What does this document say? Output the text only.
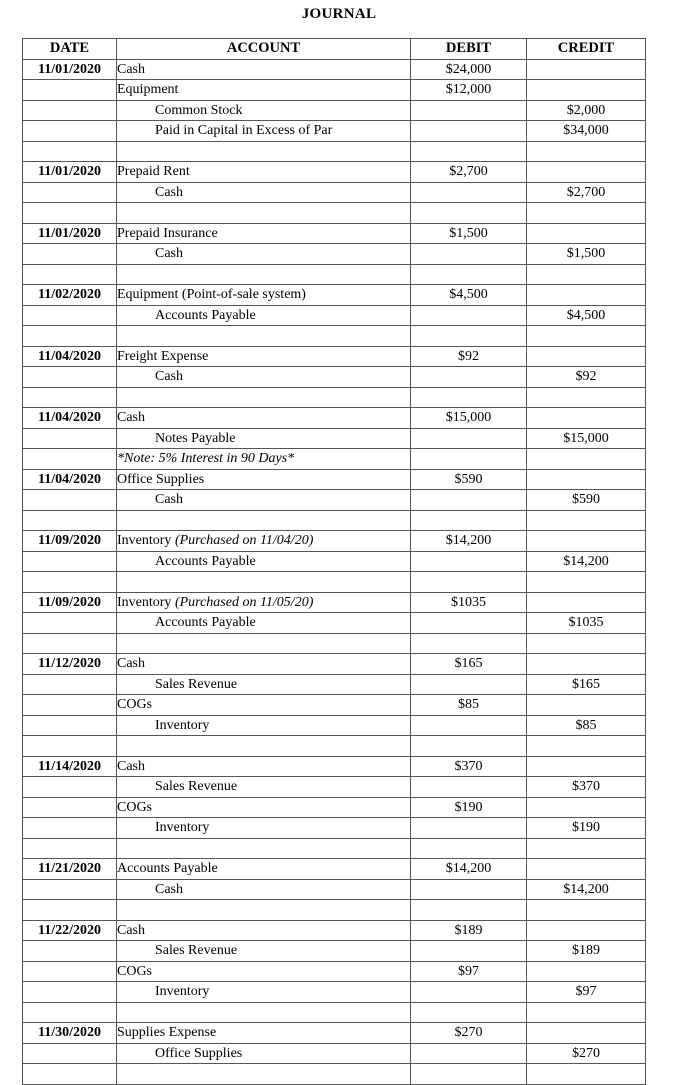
JOURNAL
DATE	ACCOUNT	DEBIT	CREDIT
11/01/2020	Cash	$24,000	
	Equipment	$12,000	
	Common Stock		$2,000
	Paid in Capital in Excess of Par		$34,000

11/01/2020	Prepaid Rent	$2,700	
	Cash		$2,700

11/01/2020	Prepaid Insurance	$1,500	
	Cash		$1,500

11/02/2020	Equipment (Point-of-sale system)	$4,500	
	Accounts Payable		$4,500

11/04/2020	Freight Expense	$92	
	Cash		$92

11/04/2020	Cash	$15,000	
	Notes Payable		$15,000
	*Note: 5% Interest in 90 Days*		
11/04/2020	Office Supplies	$590	
	Cash		$590

11/09/2020	Inventory (Purchased on 11/04/20)	$14,200	
	Accounts Payable		$14,200

11/09/2020	Inventory (Purchased on 11/05/20)	$1035	
	Accounts Payable		$1035

11/12/2020	Cash	$165	
	Sales Revenue		$165
	COGs	$85	
	Inventory		$85

11/14/2020	Cash	$370	
	Sales Revenue		$370
	COGs	$190	
	Inventory		$190

11/21/2020	Accounts Payable	$14,200	
	Cash		$14,200

11/22/2020	Cash	$189	
	Sales Revenue		$189
	COGs	$97	
	Inventory		$97

11/30/2020	Supplies Expense	$270	
	Office Supplies		$270
